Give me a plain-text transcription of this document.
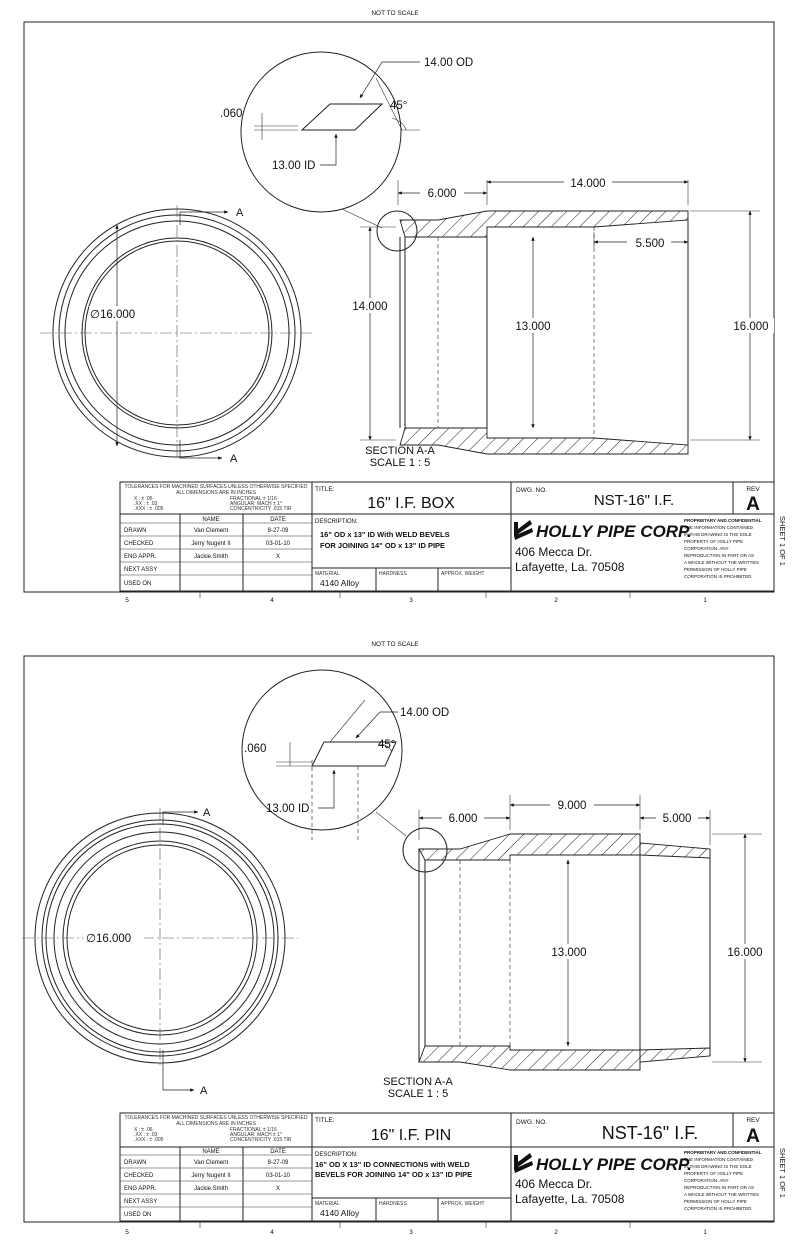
NOT TO SCALE
∅16.000
A
A
6.000
14.000
5.500
14.000
13.000	16.000
SECTION A-A
SCALE 1 : 5
.060
45°
14.00 OD
13.00 ID
TOLERANCES FOR MACHINED SURFACES UNLESS OTHERWISE SPECIFIED
ALL DIMENSIONS ARE IN INCHES
X : ± .06
.XX : ± .03
.XXX : ± .005
FRACTIONAL ± 1/16
ANGULAR: MACH ± 1°
CONCENTRICITY .015 TIR
NAME	DATE
DRAWN	Van Clement	8-27-09
CHECKED	Jerry Nugent II	03-01-10
ENG APPR.	Jackie Smith	X
NEXT ASSY
USED ON
TITLE:
16" I.F. BOX
DESCRIPTION:
16" OD x 13" ID With WELD BEVELS
FOR JOINING 14" OD x 13" ID PIPE
MATERIAL
4140 Alloy
HARDNESS	APPROX. WEIGHT
DWG. NO.
NST-16" I.F.
REV
A
HOLLY PIPE CORP.
406 Mecca Dr.
Lafayette, La. 70508
PROPRIETARY AND CONFIDENTIAL
THE INFORMATION CONTAINED
IN THIS DRAWING IS THE SOLE
PROPERTY OF HOLLY PIPE
CORPORATION. ANY
REPRODUCTION IN PART OR AS
A WHOLE WITHOUT THE WRITTEN
PERMISSION OF HOLLY PIPE
CORPORATION IS PROHIBITED.
SHEET 1 OF 1
5	4	3	2	1
NOT TO SCALE
∅16.000
A
A
6.000
9.000
5.000
13.000	16.000
SECTION A-A
SCALE 1 : 5
.060	45°
14.00 OD
13.00 ID
TOLERANCES FOR MACHINED SURFACES UNLESS OTHERWISE SPECIFIED
ALL DIMENSIONS ARE IN INCHES
X : ± .06
.XX : ± .03
.XXX : ± .005
FRACTIONAL ± 1/16
ANGULAR: MACH ± 1°
CONCENTRICITY .015 TIR
NAME	DATE
DRAWN	Van Clement	8-27-09
CHECKED	Jerry Nugent II	03-01-10
ENG APPR.	Jackie Smith	X
NEXT ASSY
USED ON
TITLE:
16" I.F. PIN
DESCRIPTION:
16" OD X 13" ID CONNECTIONS with WELD
BEVELS FOR JOINING 14" OD x 13" ID PIPE
MATERIAL
4140 Alloy
HARDNESS	APPROX. WEIGHT
DWG. NO.
NST-16" I.F.
REV
A
HOLLY PIPE CORP.
406 Mecca Dr.
Lafayette, La. 70508
PROPRIETARY AND CONFIDENTIAL
THE INFORMATION CONTAINED
IN THIS DRAWING IS THE SOLE
PROPERTY OF HOLLY PIPE
CORPORATION. ANY
REPRODUCTION IN PART OR AS
A WHOLE WITHOUT THE WRITTEN
PERMISSION OF HOLLY PIPE
CORPORATION IS PROHIBITED.
SHEET 1 OF 1
5	4	3	2	1
